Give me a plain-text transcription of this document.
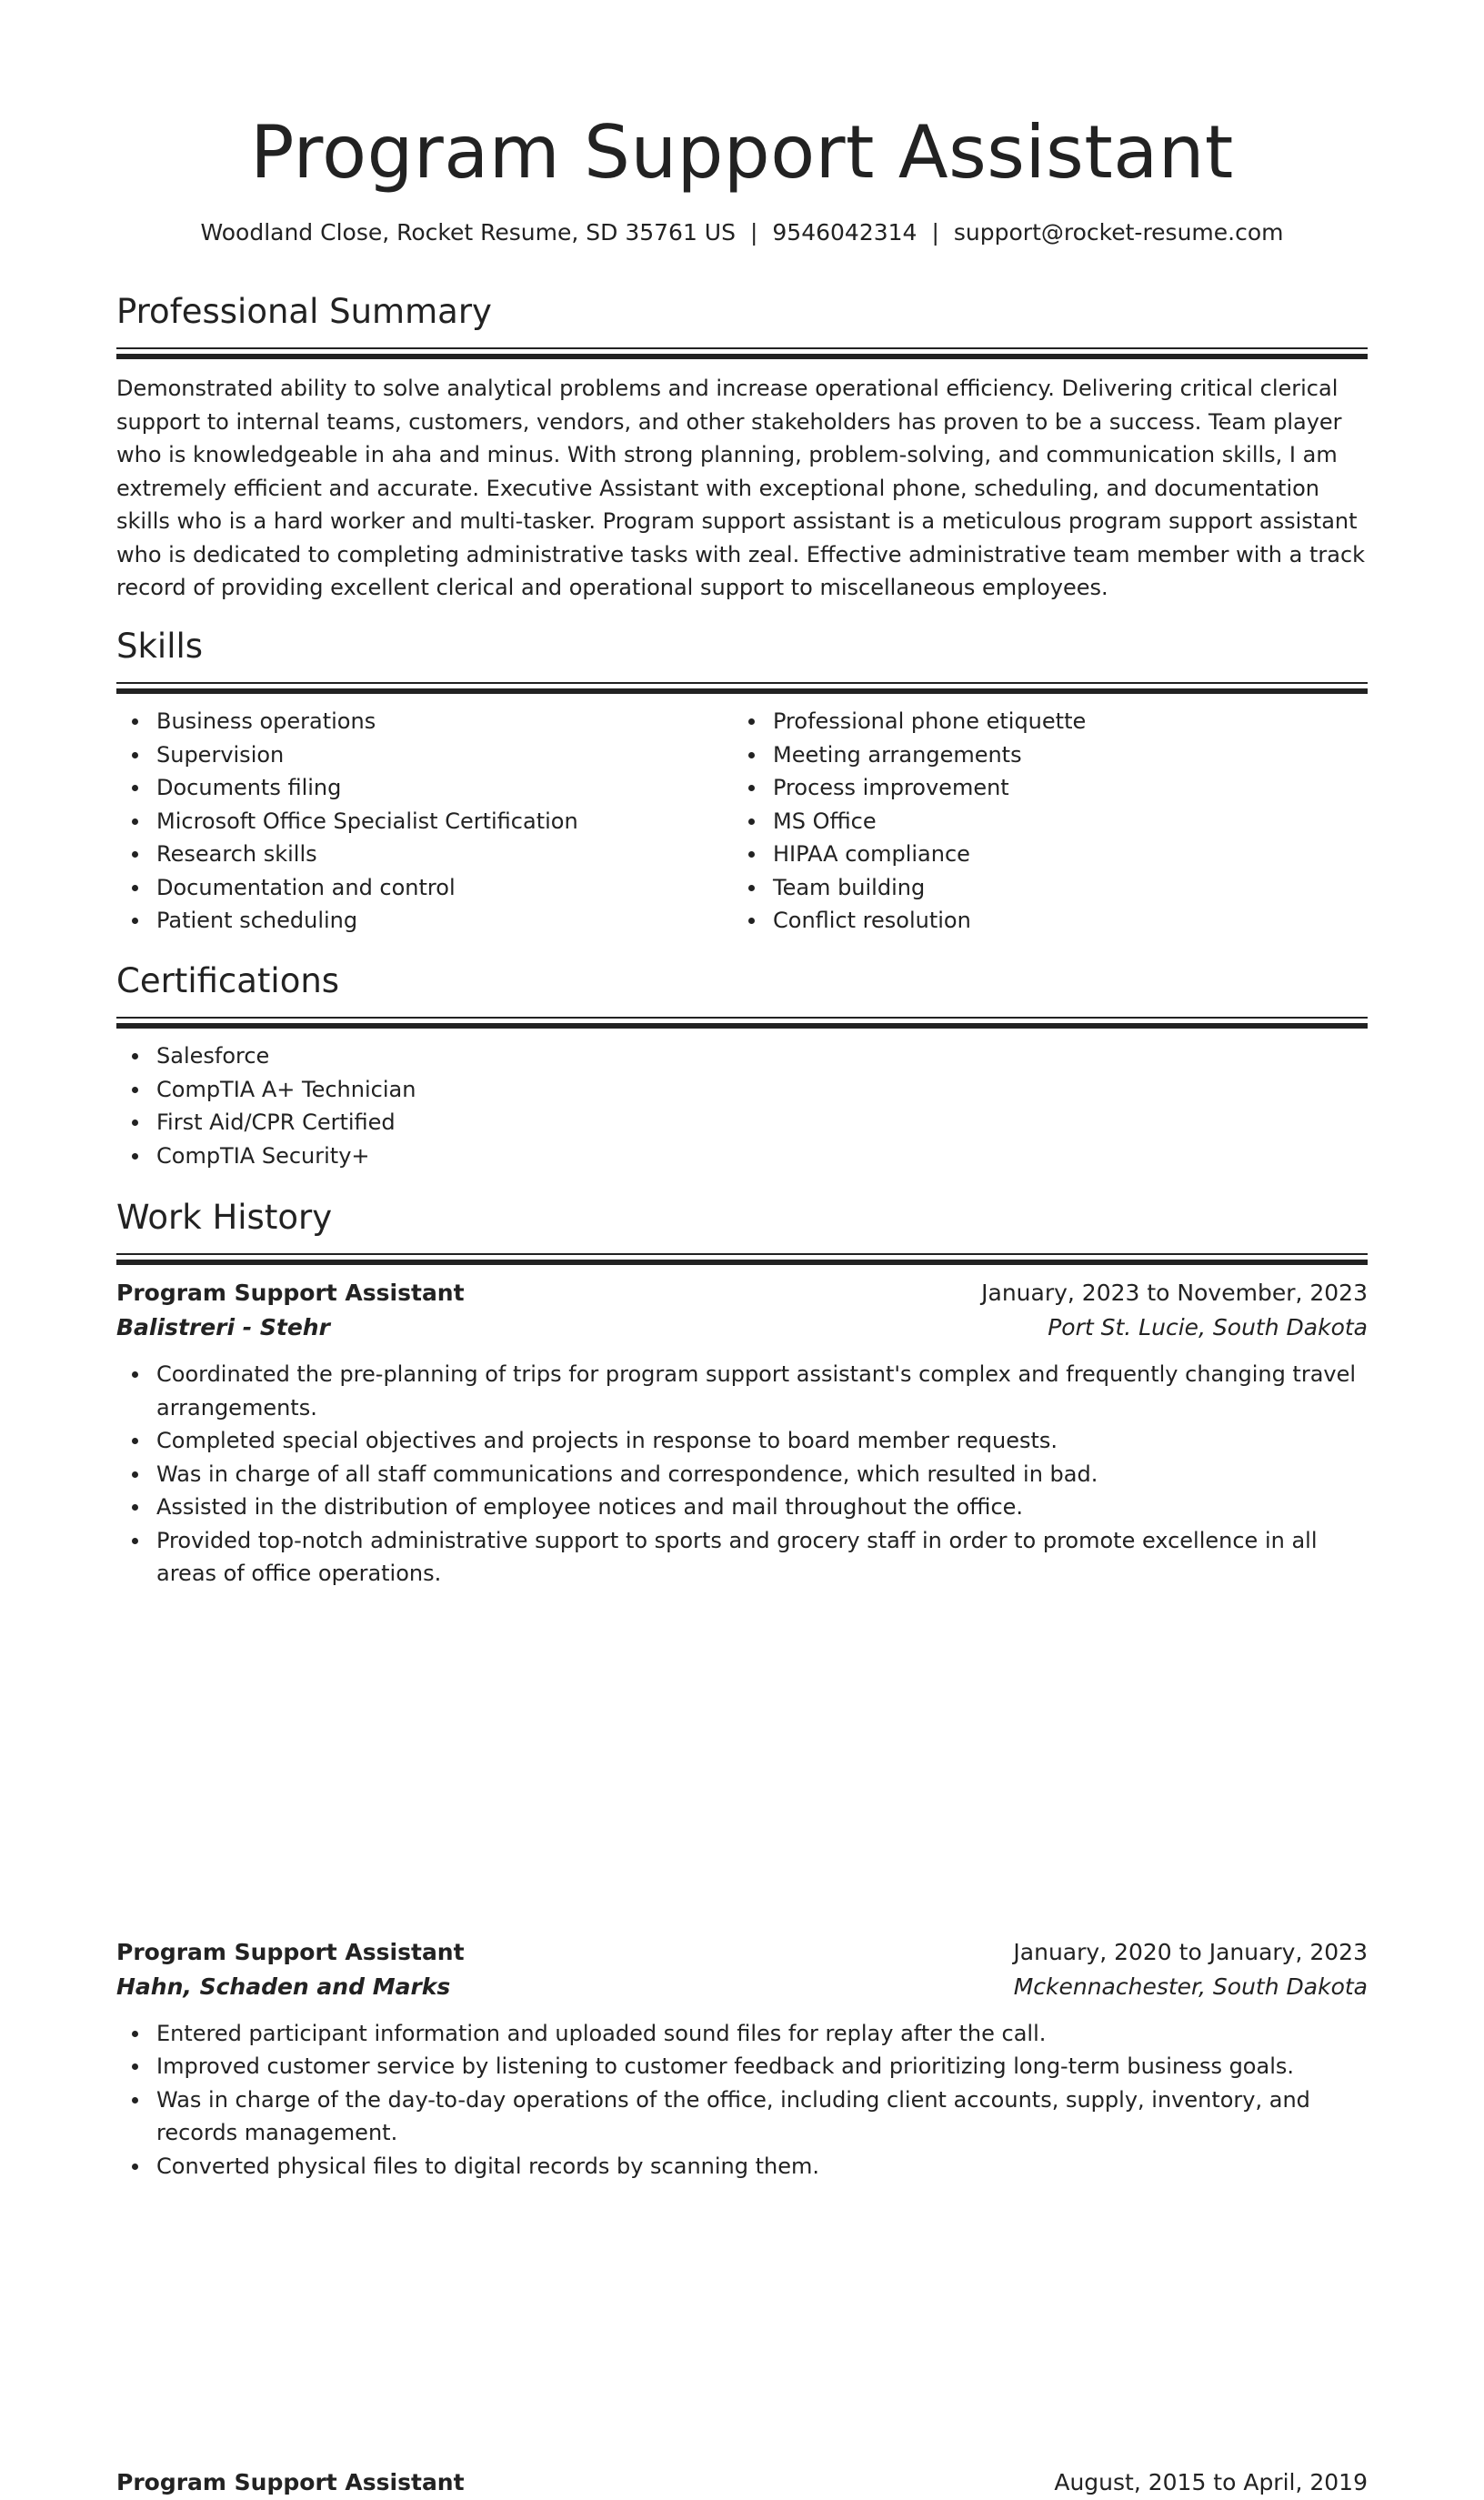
Program Support Assistant
Woodland Close, Rocket Resume, SD 35761 US | 9546042314 | support@rocket-resume.com
Professional Summary

Demonstrated ability to solve analytical problems and increase operational efficiency. Delivering critical clerical support to internal teams, customers, vendors, and other stakeholders has proven to be a success. Team player who is knowledgeable in aha and minus. With strong planning, problem-solving, and communication skills, I am extremely efficient and accurate. Executive Assistant with exceptional phone, scheduling, and documentation skills who is a hard worker and multi-tasker. Program support assistant is a meticulous program support assistant who is dedicated to completing administrative tasks with zeal. Effective administrative team member with a track record of providing excellent clerical and operational support to miscellaneous employees.

Skills
Business operations
Supervision
Documents filing
Microsoft Office Specialist Certification
Research skills
Documentation and control
Patient scheduling
Professional phone etiquette
Meeting arrangements
Process improvement
MS Office
HIPAA compliance
Team building
Conflict resolution
Certifications
Salesforce
CompTIA A+ Technician
First Aid/CPR Certified
CompTIA Security+
Work History
Program Support Assistant	January, 2023 to November, 2023
Balistreri - Stehr	Port St. Lucie, South Dakota
Coordinated the pre-planning of trips for program support assistant's complex and frequently changing travel arrangements.
Completed special objectives and projects in response to board member requests.
Was in charge of all staff communications and correspondence, which resulted in bad.
Assisted in the distribution of employee notices and mail throughout the office.
Provided top-notch administrative support to sports and grocery staff in order to promote excellence in all areas of office operations.
Program Support Assistant	January, 2020 to January, 2023
Hahn, Schaden and Marks	Mckennachester, South Dakota
Entered participant information and uploaded sound files for replay after the call.
Improved customer service by listening to customer feedback and prioritizing long-term business goals.
Was in charge of the day-to-day operations of the office, including client accounts, supply, inventory, and records management.
Converted physical files to digital records by scanning them.
Program Support Assistant	August, 2015 to April, 2019
